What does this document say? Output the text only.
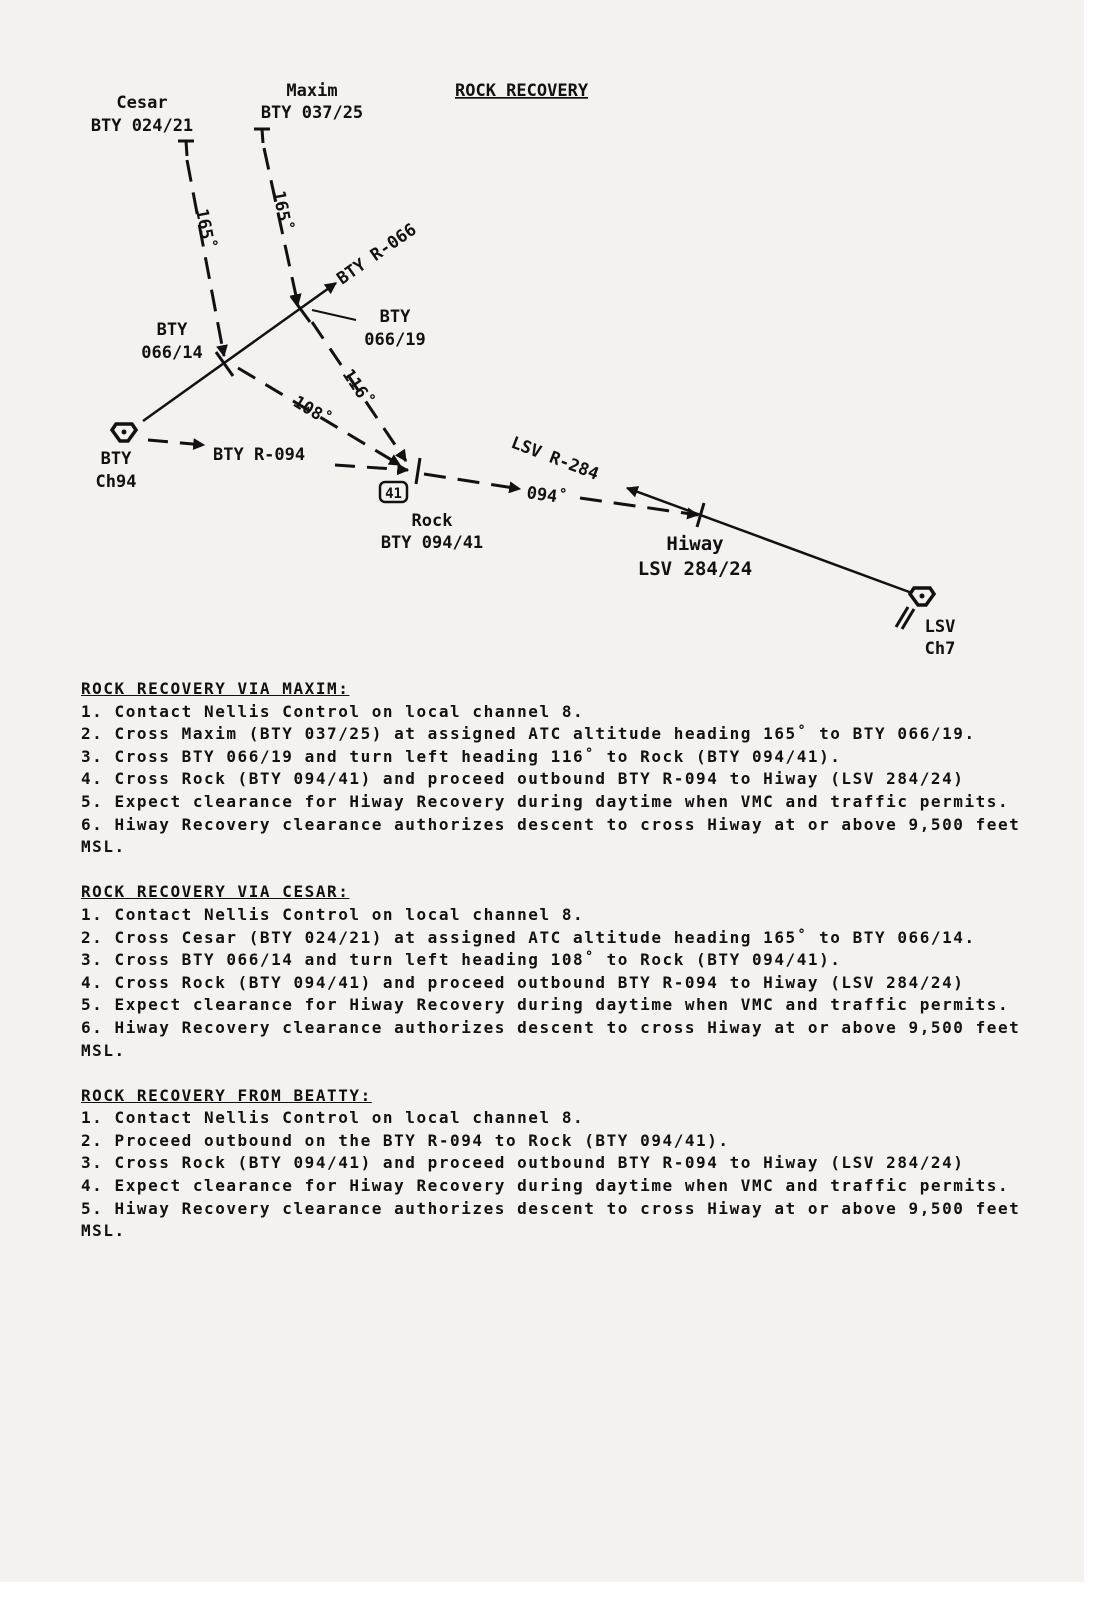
ROCK RECOVERY
Cesar
BTY 024/21
165˚
Maxim
BTY 037/25
165˚
BTY R-066
BTY
066/14
BTY
066/19
116˚
108˚
BTY
Ch94
BTY R-094
41
Rock
BTY 094/41
094˚
LSV R-284
Hiway
LSV 284/24
LSV
Ch7
ROCK RECOVERY VIA MAXIM:
1. Contact Nellis Control on local channel 8.
2. Cross Maxim (BTY 037/25) at assigned ATC altitude heading 165˚ to BTY 066/19.
3. Cross BTY 066/19 and turn left heading 116˚ to Rock (BTY 094/41).
4. Cross Rock (BTY 094/41) and proceed outbound BTY R-094 to Hiway (LSV 284/24)
5. Expect clearance for Hiway Recovery during daytime when VMC and traffic permits.
6. Hiway Recovery clearance authorizes descent to cross Hiway at or above 9,500 feet MSL.
ROCK RECOVERY VIA CESAR:
1. Contact Nellis Control on local channel 8.
2. Cross Cesar (BTY 024/21) at assigned ATC altitude heading 165˚ to BTY 066/14.
3. Cross BTY 066/14 and turn left heading 108˚ to Rock (BTY 094/41).
4. Cross Rock (BTY 094/41) and proceed outbound BTY R-094 to Hiway (LSV 284/24)
5. Expect clearance for Hiway Recovery during daytime when VMC and traffic permits.
6. Hiway Recovery clearance authorizes descent to cross Hiway at or above 9,500 feet MSL.
ROCK RECOVERY FROM BEATTY:
1. Contact Nellis Control on local channel 8.
2. Proceed outbound on the BTY R-094 to Rock (BTY 094/41).
3. Cross Rock (BTY 094/41) and proceed outbound BTY R-094 to Hiway (LSV 284/24)
4. Expect clearance for Hiway Recovery during daytime when VMC and traffic permits.
5. Hiway Recovery clearance authorizes descent to cross Hiway at or above 9,500 feet MSL.
